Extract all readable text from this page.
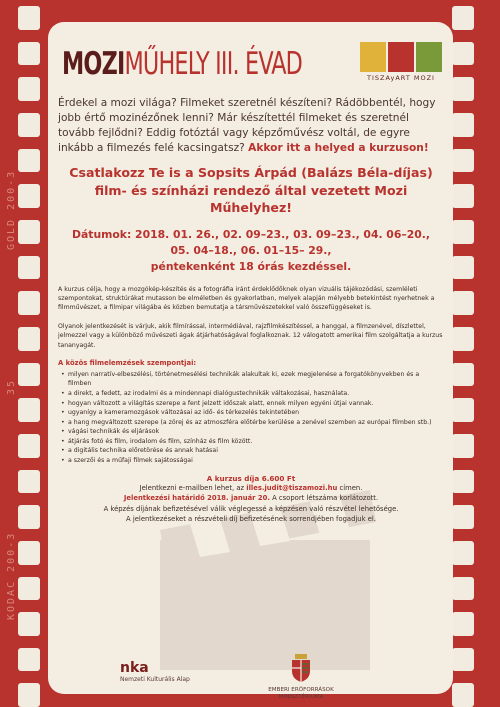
GOLD 200-3
35
KODAC 200-3
MOZIMŰHELY III. ÉVAD	TISZAyART MOZI

Érdekel a mozi világa? Filmeket szeretnél készíteni? Rádöbbentél, hogy jobb értő mozinézőnek lenni? Már készítettél filmeket és szeretnél tovább fejlődni? Eddig fotóztál vagy képzőművész voltál, de egyre inkább a filmezés felé kacsingatsz? Akkor itt a helyed a kurzuson!

Csatlakozz Te is a Sopsits Árpád (Balázs Béla-díjas) film- és színházi rendező által vezetett Mozi Műhelyhez!

Dátumok: 2018. 01. 26., 02. 09–23., 03. 09–23., 04. 06–20.,
05. 04–18., 06. 01–15– 29.,
péntekenként 18 órás kezdéssel.

A kurzus célja, hogy a mozgókép-készítés és a fotográfia iránt érdeklődőknek olyan vizuális tájékozódási, szemléleti szempontokat, struktúrákat mutasson be elméletben és gyakorlatban, melyek alapján mélyebb betekintést nyerhetnek a filmművészet, a filmipar világába és közben bemutatja a társművészetekkel való összefüggéseket is.

Olyanok jelentkezését is várjuk, akik filmírással, intermédiával, rajzfilmkészítéssel, a hanggal, a filmzenével, díszlettel, jelmezzel vagy a különböző művészeti ágak átjárhatóságával foglalkoznak. 12 válogatott amerikai film szolgáltatja a kurzus tananyagát.

A közös filmelemzések szempontjai:
• milyen narratív-elbeszélési, történetmesélési technikák alakultak ki, ezek megjelenése a forgatókönyvekben és a filmben
• a direkt, a fedett, az irodalmi és a mindennapi dialógustechnikák váltakozásai, használata.
• hogyan változott a világítás szerepe a fent jelzett időszak alatt, ennek milyen egyéni útjai vannak.
• ugyanígy a kameramozgások változásai az idő- és térkezelés tekintetében
• a hang megváltozott szerepe (a zörej és az atmoszféra előtérbe kerülése a zenével szemben az európai filmben stb.)
• vágási technikák és eljárások
• átjárás fotó és film, irodalom és film, színház és film között.
• a digitális technika előretörése és annak hatásai
• a szerzői és a műfaji filmek sajátosságai
A kurzus díja 6.600 Ft
Jelentkezni e-mailben lehet, az illes.judit@tiszamozi.hu címen.
Jelentkezési határidő 2018. január 20. A csoport létszáma korlátozott.
A képzés díjának befizetésével válik véglegessé a képzésen való részvétel lehetősége.
A jelentkezéseket a részvételi díj befizetésének sorrendjében fogadjuk el.
nka
Nemzeti Kulturális Alap
EMBERI ERŐFORRÁSOK
MINISZTÉRIUMA
